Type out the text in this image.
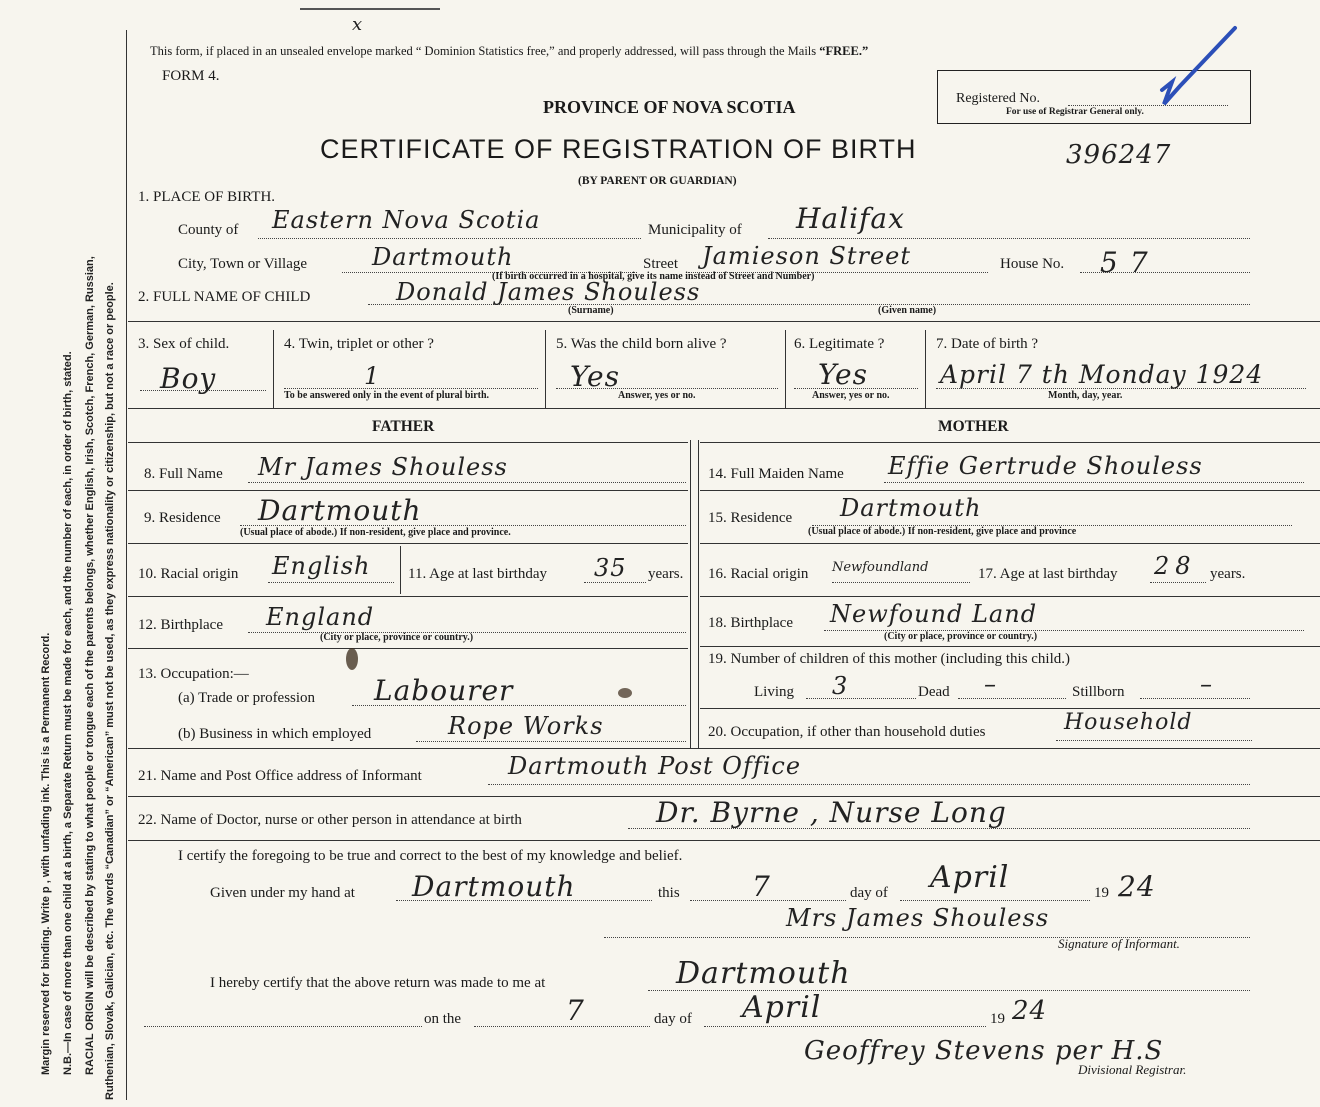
Margin reserved for binding. Write p , with unfading ink. This is a Permanent Record. N.B.—In case of more than one child at a birth, a Separate Return must be made for each, and the number of each, in order of birth, stated. RACIAL ORIGIN will be described by stating to what people or tongue each of the parents belongs, whether English, Irish, Scotch, French, German, Russian, Ruthenian, Slovak, Galician, etc. The words “Canadian” or “American” must not be used, as they express nationality or citizenship, but not a race or people.
x
This form, if placed in an unsealed envelope marked “ Dominion Statistics free,” and properly addressed, will pass through the Mails “FREE.”
FORM 4.
PROVINCE OF NOVA SCOTIA	Registered No.
For use of Registrar General only.
CERTIFICATE OF REGISTRATION OF BIRTH	396247
(BY PARENT OR GUARDIAN)
1. PLACE OF BIRTH.
County of Eastern Nova Scotia	Municipality of Halifax
City, Town or Village	Dartmouth	Street Jamieson Street
(If birth occurred in a hospital, give its name instead of Street and Number)
House No. 57
2. FULL NAME OF CHILD	Donald James Shouless
(Surname)	(Given name)
3. Sex of child.
Boy
4. Twin, triplet or other ?
1
To be answered only in the event of plural birth.
5. Was the child born alive ?
Yes
Answer, yes or no.
6. Legitimate ?
Yes
Answer, yes or no.
7. Date of birth ?
April 7 th Monday 1924
Month, day, year.
FATHER	MOTHER
8. Full Name Mr James Shouless
9. Residence Dartmouth
(Usual place of abode.) If non-resident, give place and province.
10. Racial origin English	11. Age at last birthday 35 years.
12. Birthplace England
(City or place, province or country.)
13. Occupation:—
(a) Trade or profession Labourer
(b) Business in which employed	Rope Works
14. Full Maiden Name Effie Gertrude Shouless
15. Residence Dartmouth
(Usual place of abode.) If non-resident, give place and province
16. Racial origin Newfoundland	17. Age at last birthday 28 years.
18. Birthplace Newfound Land
(City or place, province or country.)
19. Number of children of this mother (including this child.)
Living 3	Dead –	Stillborn	–
20. Occupation, if other than household duties	Household
21. Name and Post Office address of Informant	Dartmouth Post Office
22. Name of Doctor, nurse or other person in attendance at birth	Dr. Byrne , Nurse Long
I certify the foregoing to be true and correct to the best of my knowledge and belief.
Given under my hand at Dartmouth	this	7	day of April	19 24
Mrs James Shouless
Signature of Informant.
I hereby certify that the above return was made to me at	Dartmouth
on the	7	day of April	19 24
Geoffrey Stevens per H.S
Divisional Registrar.
